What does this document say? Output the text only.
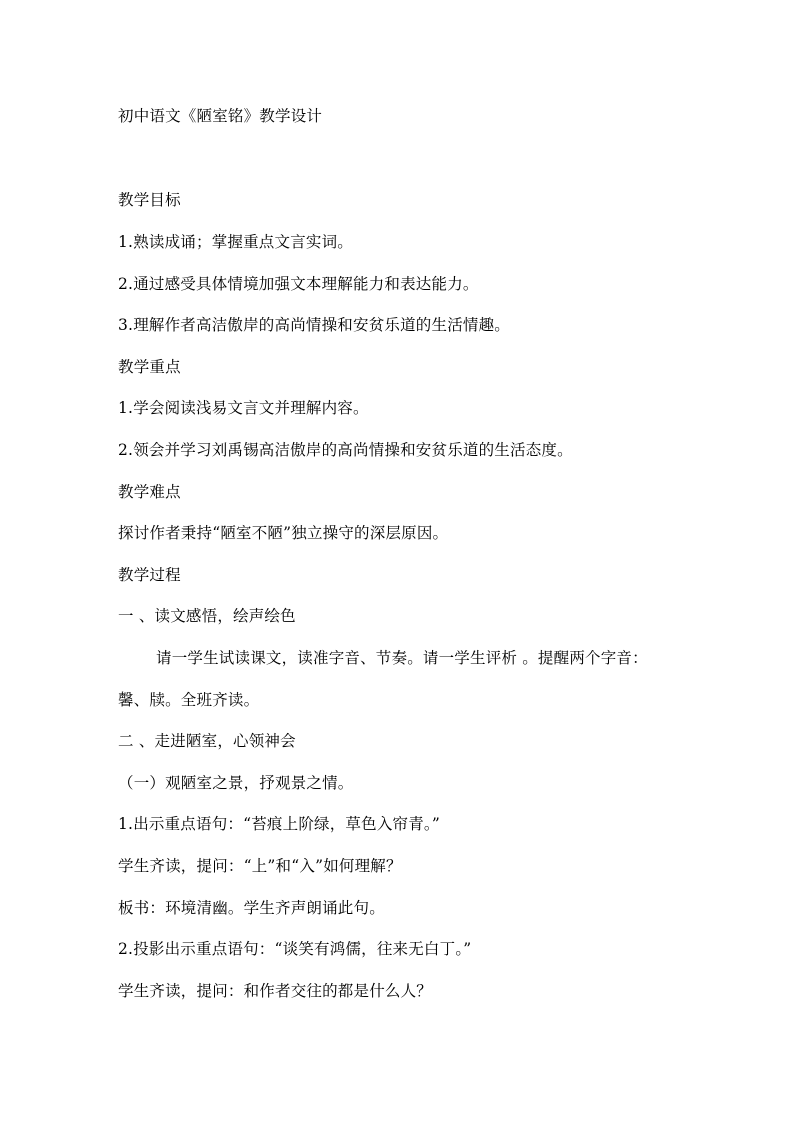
初中语文《陋室铭》教学设计
教学目标
1.熟读成诵；掌握重点文言实词。
2.通过感受具体情境加强文本理解能力和表达能力。
3.理解作者高洁傲岸的高尚情操和安贫乐道的生活情趣。
教学重点
1.学会阅读浅易文言文并理解内容。
2.领会并学习刘禹锡高洁傲岸的高尚情操和安贫乐道的生活态度。
教学难点
探讨作者秉持“陋室不陋”独立操守的深层原因。
教学过程
一 、读文感悟，绘声绘色
请一学生试读课文，读准字音、节奏。请一学生评析 。提醒两个字音：
馨、牍。全班齐读。
二 、走进陋室，心领神会
（一）观陋室之景，抒观景之情。
1.出示重点语句：“苔痕上阶绿，草色入帘青。”
学生齐读，提问：“上”和“入”如何理解？
板书：环境清幽。学生齐声朗诵此句。
2.投影出示重点语句：“谈笑有鸿儒，往来无白丁。”
学生齐读，提问：和作者交往的都是什么人？
